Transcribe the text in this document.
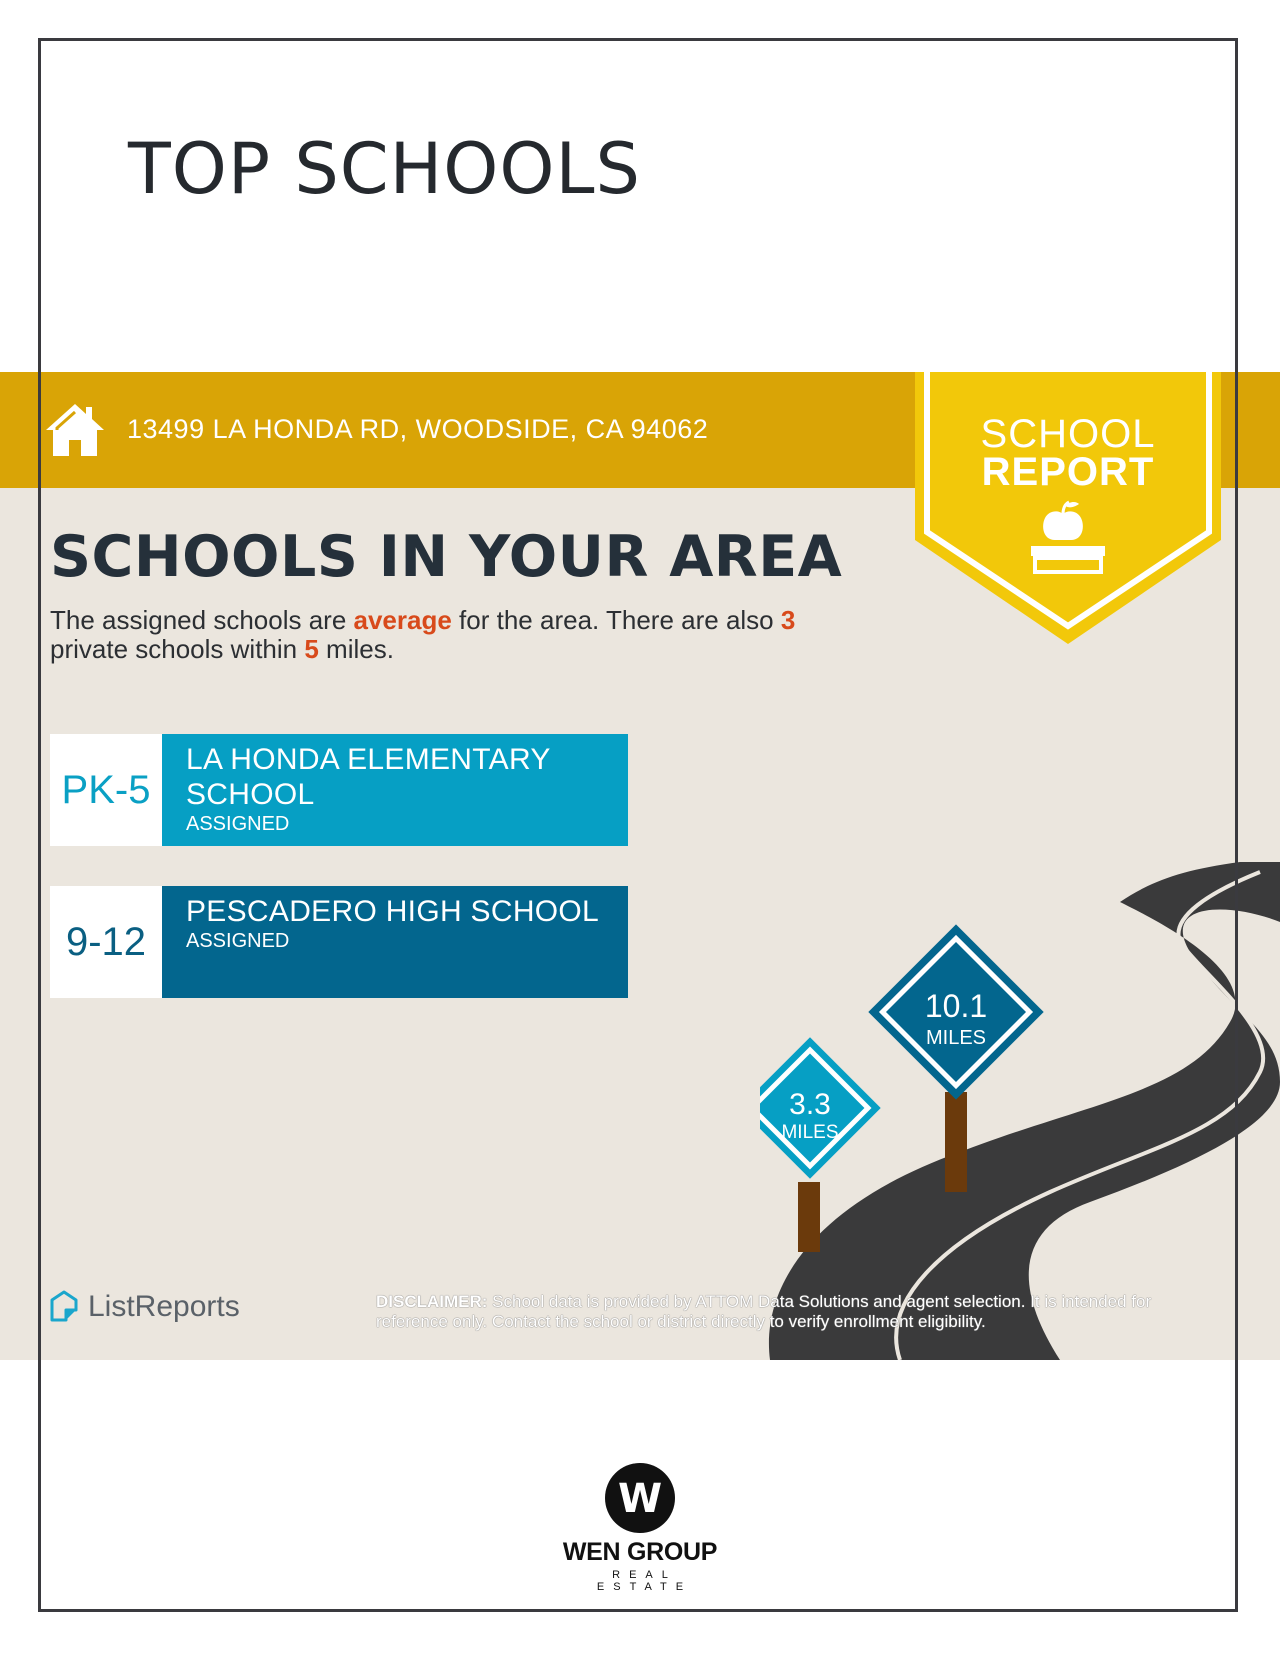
TOP SCHOOLS
13499 LA HONDA RD, WOODSIDE, CA 94062	SCHOOL
REPORT
SCHOOLS IN YOUR AREA

The assigned schools are average for the area. There are also 3
private schools within 5 miles.

PK-5
LA HONDA ELEMENTARY SCHOOL
ASSIGNED
9-12
PESCADERO HIGH SCHOOL
ASSIGNED
10.1
MILES
3.3
MILES
ListReports	DISCLAIMER: School data is provided by ATTOM Data Solutions and agent selection. It is intended for reference only. Contact the school or district directly to verify enrollment eligibility.
W
WEN GROUP
REAL ESTATE
